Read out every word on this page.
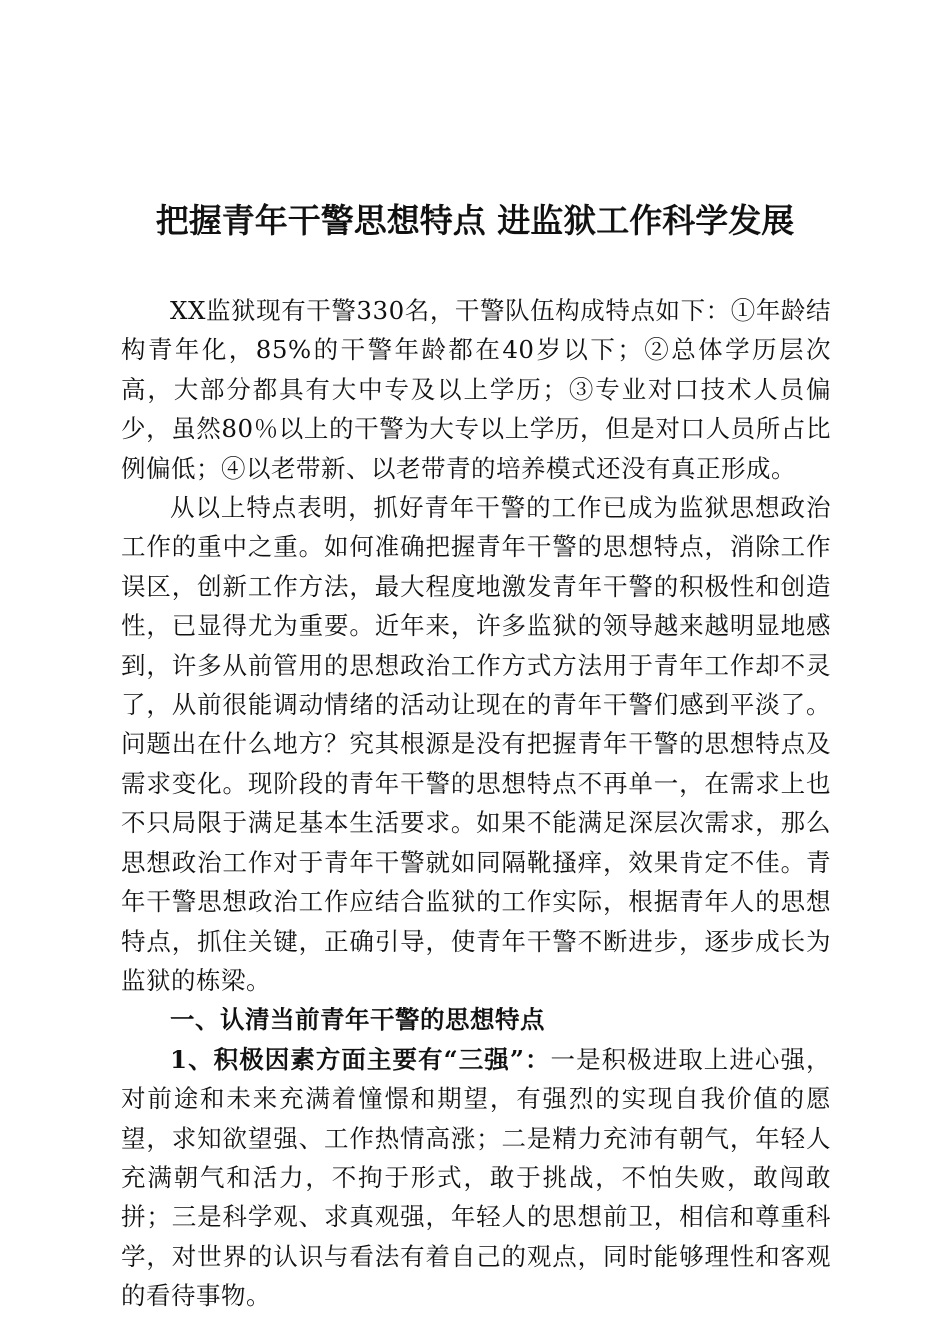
把握青年干警思想特点 进监狱工作科学发展

XX监狱现有干警330名，干警队伍构成特点如下：①年龄结构青年化，85%的干警年龄都在40岁以下；②总体学历层次高，大部分都具有大中专及以上学历；③专业对口技术人员偏少，虽然80％以上的干警为大专以上学历，但是对口人员所占比例偏低；④以老带新、以老带青的培养模式还没有真正形成。

从以上特点表明，抓好青年干警的工作已成为监狱思想政治工作的重中之重。如何准确把握青年干警的思想特点，消除工作误区，创新工作方法，最大程度地激发青年干警的积极性和创造性，已显得尤为重要。近年来，许多监狱的领导越来越明显地感到，许多从前管用的思想政治工作方式方法用于青年工作却不灵了，从前很能调动情绪的活动让现在的青年干警们感到平淡了。问题出在什么地方？究其根源是没有把握青年干警的思想特点及需求变化。现阶段的青年干警的思想特点不再单一，在需求上也不只局限于满足基本生活要求。如果不能满足深层次需求，那么思想政治工作对于青年干警就如同隔靴搔痒，效果肯定不佳。青年干警思想政治工作应结合监狱的工作实际，根据青年人的思想特点，抓住关键，正确引导，使青年干警不断进步，逐步成长为监狱的栋梁。

一、认清当前青年干警的思想特点

1、积极因素方面主要有“三强”：一是积极进取上进心强，对前途和未来充满着憧憬和期望，有强烈的实现自我价值的愿望，求知欲望强、工作热情高涨；二是精力充沛有朝气，年轻人充满朝气和活力，不拘于形式，敢于挑战，不怕失败，敢闯敢拼；三是科学观、求真观强，年轻人的思想前卫，相信和尊重科学，对世界的认识与看法有着自己的观点，同时能够理性和客观的看待事物。
